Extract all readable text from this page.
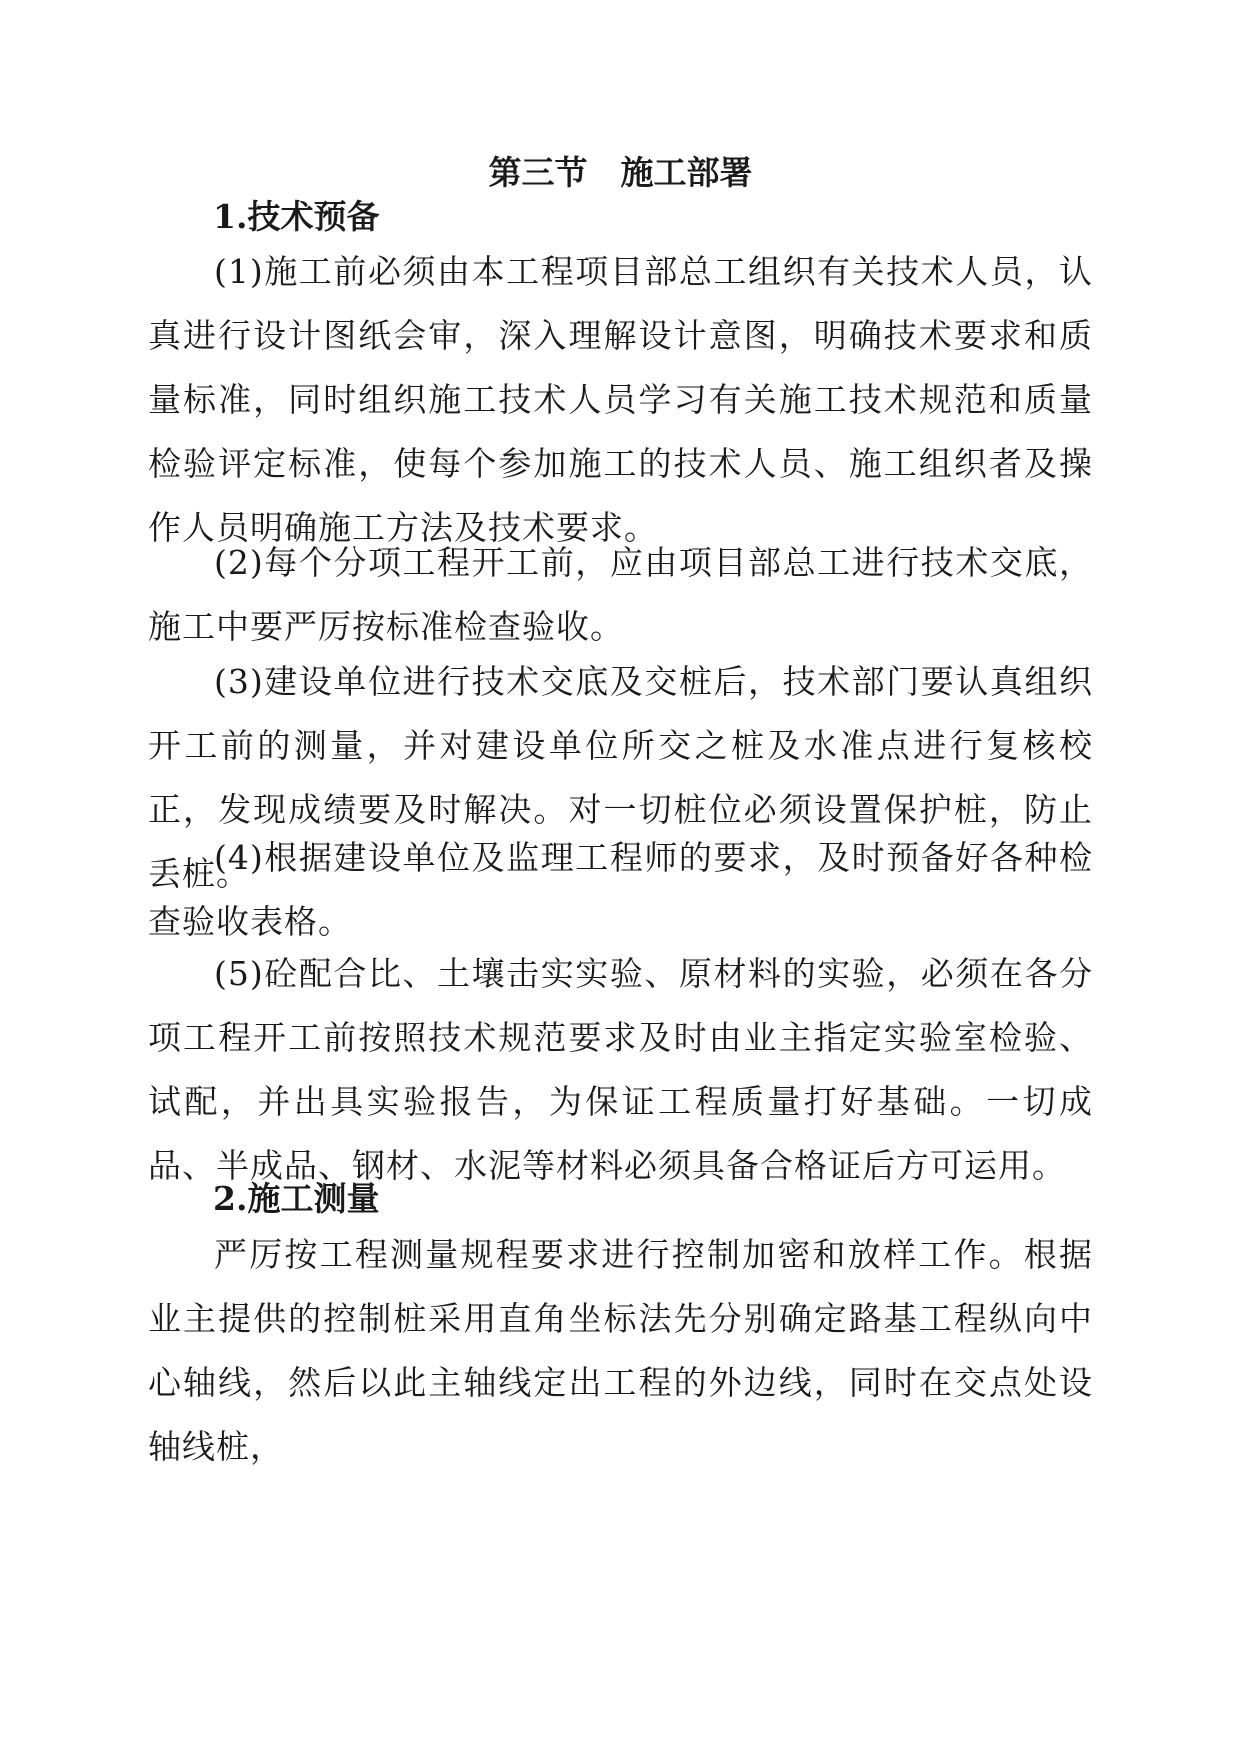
第三节　施工部署
1.技术预备

(1)施工前必须由本工程项目部总工组织有关技术人员，认真进行设计图纸会审，深入理解设计意图，明确技术要求和质量标准，同时组织施工技术人员学习有关施工技术规范和质量检验评定标准，使每个参加施工的技术人员、施工组织者及操作人员明确施工方法及技术要求。

(2)每个分项工程开工前，应由项目部总工进行技术交底，施工中要严厉按标准检查验收。

(3)建设单位进行技术交底及交桩后，技术部门要认真组织开工前的测量，并对建设单位所交之桩及水准点进行复核校正，发现成绩要及时解决。对一切桩位必须设置保护桩，防止丢桩。

(4)根据建设单位及监理工程师的要求，及时预备好各种检查验收表格。

(5)砼配合比、土壤击实实验、原材料的实验，必须在各分项工程开工前按照技术规范要求及时由业主指定实验室检验、试配，并出具实验报告，为保证工程质量打好基础。一切成品、半成品、钢材、水泥等材料必须具备合格证后方可运用。

2.施工测量

严厉按工程测量规程要求进行控制加密和放样工作。根据业主提供的控制桩采用直角坐标法先分别确定路基工程纵向中心轴线，然后以此主轴线定出工程的外边线，同时在交点处设轴线桩，
